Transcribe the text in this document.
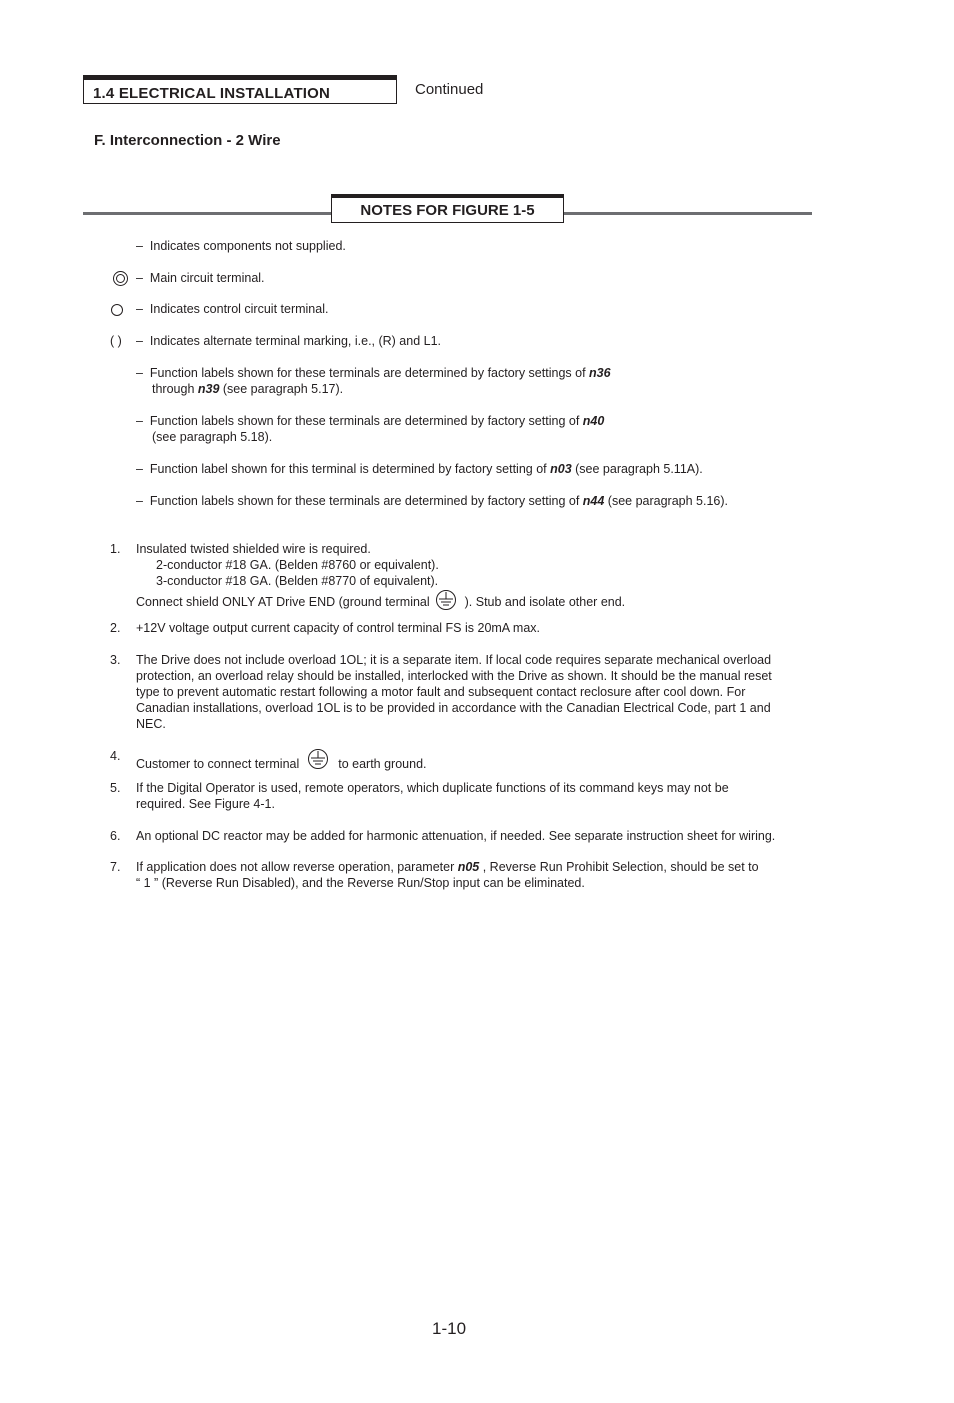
1.4 ELECTRICAL INSTALLATION	Continued
F. Interconnection - 2 Wire
NOTES FOR FIGURE 1-5
– Indicates components not supplied.
– Main circuit terminal.
– Indicates control circuit terminal.
( ) – Indicates alternate terminal marking, i.e., (R) and L1.
– Function labels shown for these terminals are determined by factory settings of n36
through n39 (see paragraph 5.17).
– Function labels shown for these terminals are determined by factory setting of n40
(see paragraph 5.18).
– Function label shown for this terminal is determined by factory setting of n03 (see paragraph 5.11A).
– Function labels shown for these terminals are determined by factory setting of n44 (see paragraph 5.16).
1. Insulated twisted shielded wire is required.
2-conductor #18 GA. (Belden #8760 or equivalent).
3-conductor #18 GA. (Belden #8770 of equivalent).
Connect shield ONLY AT Drive END (ground terminal	). Stub and isolate other end.
2. +12V voltage output current capacity of control terminal FS is 20mA max.
3. The Drive does not include overload 1OL; it is a separate item. If local code requires separate mechanical overload
protection, an overload relay should be installed, interlocked with the Drive as shown. It should be the manual reset
type to prevent automatic restart following a motor fault and subsequent contact reclosure after cool down. For
Canadian installations, overload 1OL is to be provided in accordance with the Canadian Electrical Code, part 1 and
NEC.
4.
Customer to connect terminal	to earth ground.
5. If the Digital Operator is used, remote operators, which duplicate functions of its command keys may not be
required. See Figure 4-1.
6. An optional DC reactor may be added for harmonic attenuation, if needed. See separate instruction sheet for wiring.
7. If application does not allow reverse operation, parameter n05 , Reverse Run Prohibit Selection, should be set to
“ 1 ” (Reverse Run Disabled), and the Reverse Run/Stop input can be eliminated.
1-10
